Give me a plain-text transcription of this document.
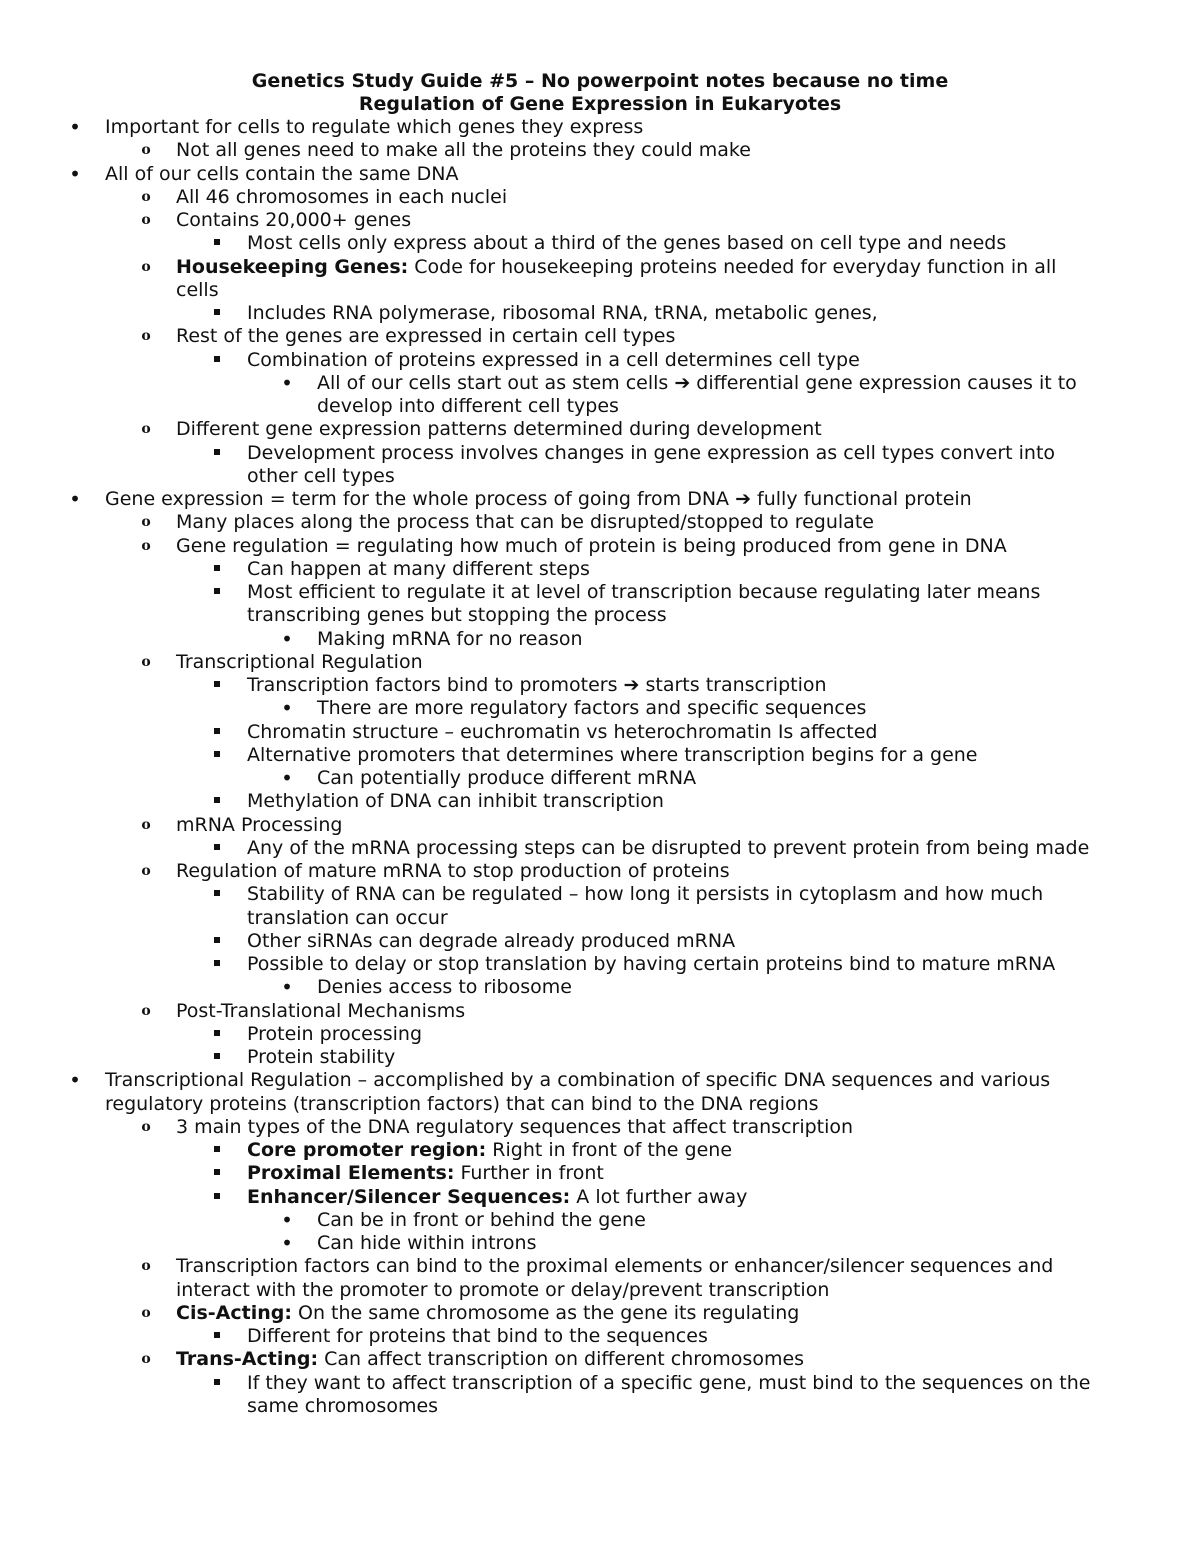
Genetics Study Guide #5 – No powerpoint notes because no time
Regulation of Gene Expression in Eukaryotes
• Important for cells to regulate which genes they express
o Not all genes need to make all the proteins they could make
• All of our cells contain the same DNA
o All 46 chromosomes in each nuclei
o Contains 20,000+ genes
Most cells only express about a third of the genes based on cell type and needs
o Housekeeping Genes: Code for housekeeping proteins needed for everyday function in all
cells
Includes RNA polymerase, ribosomal RNA, tRNA, metabolic genes,
o Rest of the genes are expressed in certain cell types
Combination of proteins expressed in a cell determines cell type
• All of our cells start out as stem cells ➔ differential gene expression causes it to
develop into different cell types
o Different gene expression patterns determined during development
Development process involves changes in gene expression as cell types convert into
other cell types
• Gene expression = term for the whole process of going from DNA ➔ fully functional protein
o Many places along the process that can be disrupted/stopped to regulate
o Gene regulation = regulating how much of protein is being produced from gene in DNA
Can happen at many different steps
Most efficient to regulate it at level of transcription because regulating later means
transcribing genes but stopping the process
• Making mRNA for no reason
o Transcriptional Regulation
Transcription factors bind to promoters ➔ starts transcription
• There are more regulatory factors and specific sequences
Chromatin structure – euchromatin vs heterochromatin Is affected
Alternative promoters that determines where transcription begins for a gene
• Can potentially produce different mRNA
Methylation of DNA can inhibit transcription
o mRNA Processing
Any of the mRNA processing steps can be disrupted to prevent protein from being made
o Regulation of mature mRNA to stop production of proteins
Stability of RNA can be regulated – how long it persists in cytoplasm and how much
translation can occur
Other siRNAs can degrade already produced mRNA
Possible to delay or stop translation by having certain proteins bind to mature mRNA
• Denies access to ribosome
o Post-Translational Mechanisms
Protein processing
Protein stability
• Transcriptional Regulation – accomplished by a combination of specific DNA sequences and various
regulatory proteins (transcription factors) that can bind to the DNA regions
o 3 main types of the DNA regulatory sequences that affect transcription
Core promoter region: Right in front of the gene
Proximal Elements: Further in front
Enhancer/Silencer Sequences: A lot further away
• Can be in front or behind the gene
• Can hide within introns
o Transcription factors can bind to the proximal elements or enhancer/silencer sequences and
interact with the promoter to promote or delay/prevent transcription
o Cis-Acting: On the same chromosome as the gene its regulating
Different for proteins that bind to the sequences
o Trans-Acting: Can affect transcription on different chromosomes
If they want to affect transcription of a specific gene, must bind to the sequences on the
same chromosomes
